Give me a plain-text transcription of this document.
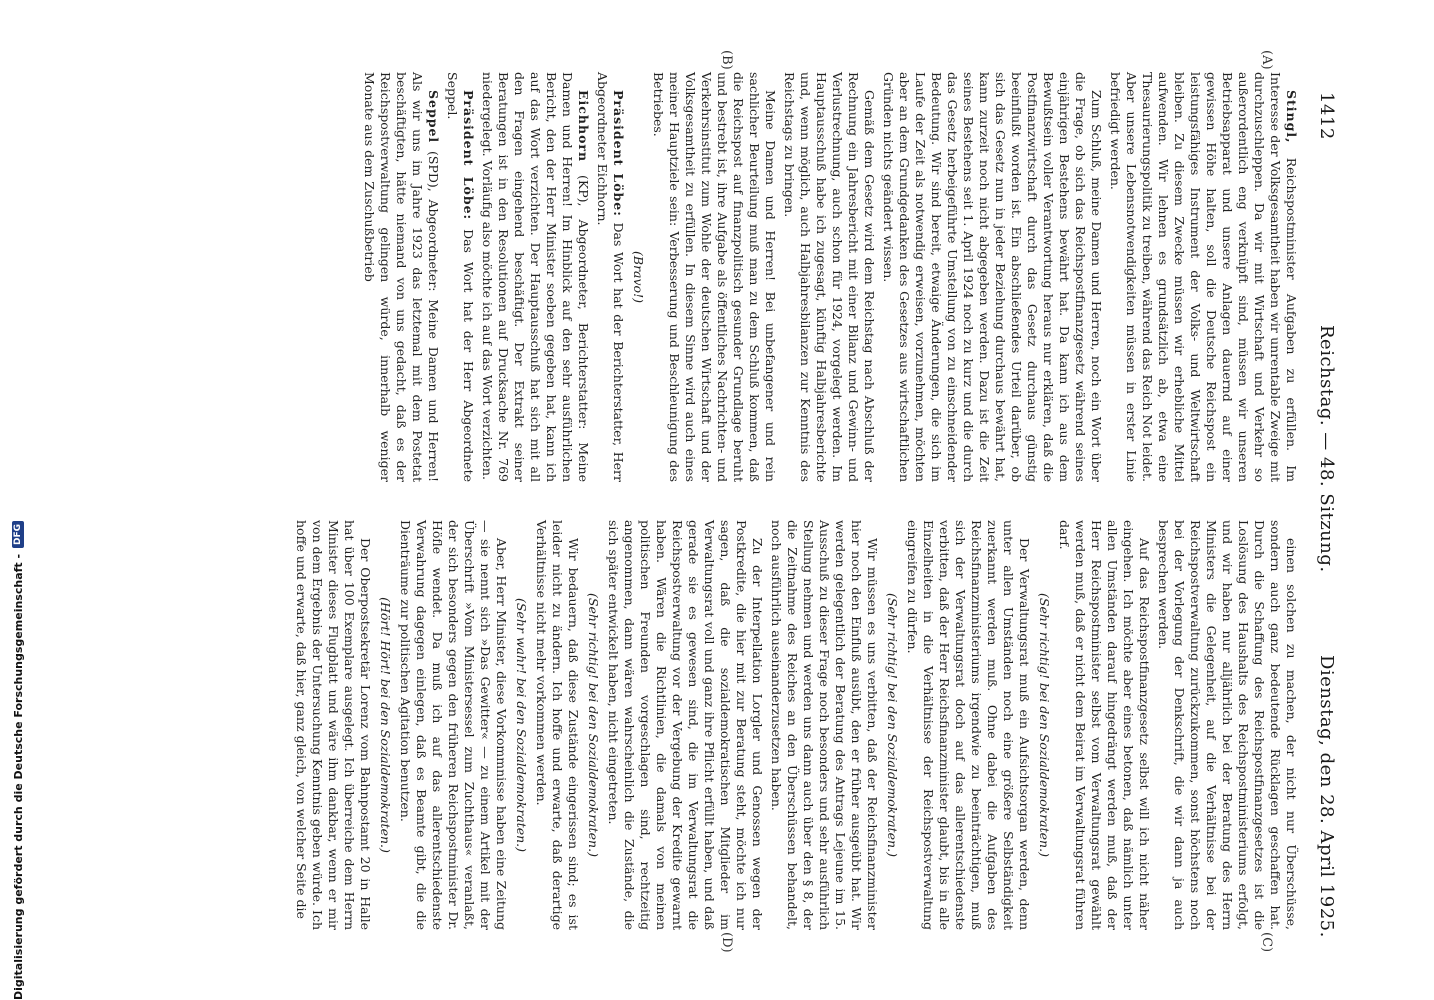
1412
Reichstag. — 48. Sitzung.
Dienstag, den 28. April 1925.
(A)
(B)
(C)
(D)

Stingl, Reichspostminister Aufgaben zu erfüllen. Im Interesse der Volksgesamtheit haben wir unrentable Zweige mit durchzuschleppen. Da wir mit Wirtschaft und Verkehr so außerordentlich eng verknüpft sind, müssen wir unseren Betriebsapparat und unsere Anlagen dauernd auf einer gewissen Höhe halten, soll die Deutsche Reichspost ein leistungsfähiges Instrument der Volks- und Weltwirtschaft bleiben. Zu diesem Zwecke müssen wir erhebliche Mittel aufwenden. Wir lehnen es grundsätzlich ab, etwa eine Thesaurierungspolitik zu treiben, während das Reich Not leidet. Aber unsere Lebensnotwendigkeiten müssen in erster Linie befriedigt werden.

Zum Schluß, meine Damen und Herren, noch ein Wort über die Frage, ob sich das Reichspostfinanzgesetz während seines einjährigen Bestehens bewährt hat. Da kann ich aus dem Bewußtsein voller Verantwortung heraus nur erklären, daß die Postfinanzwirtschaft durch das Gesetz durchaus günstig beeinflußt worden ist. Ein abschließendes Urteil darüber, ob sich das Gesetz nun in jeder Beziehung durchaus bewährt hat, kann zurzeit noch nicht abgegeben werden. Dazu ist die Zeit seines Bestehens seit 1. April 1924 noch zu kurz und die durch das Gesetz herbeigeführte Umstellung von zu einschneidender Bedeutung. Wir sind bereit, etwaige Änderungen, die sich im Laufe der Zeit als notwendig erweisen, vorzunehmen, möchten aber an dem Grundgedanken des Gesetzes aus wirtschaftlichen Gründen nichts geändert wissen.

Gemäß dem Gesetz wird dem Reichstag nach Abschluß der Rechnung ein Jahresbericht mit einer Bilanz und Gewinn- und Verlustrechnung, auch schon für 1924, vorgelegt werden. Im Hauptausschuß habe ich zugesagt, künftig Halbjahresberichte und, wenn möglich, auch Halbjahresbilanzen zur Kenntnis des Reichstags zu bringen.

Meine Damen und Herren! Bei unbefangener und rein sachlicher Beurteilung muß man zu dem Schluß kommen, daß die Reichspost auf finanzpolitisch gesunder Grundlage beruht und bestrebt ist, ihre Aufgabe als öffentliches Nachrichten- und Verkehrsinstitut zum Wohle der deutschen Wirtschaft und der Volksgesamtheit zu erfüllen. In diesem Sinne wird auch eines meiner Hauptziele sein: Verbesserung und Beschleunigung des Betriebes.

(Bravo!)

Präsident Löbe: Das Wort hat der Berichterstatter, Herr Abgeordneter Eichhorn.

Eichhorn (KP), Abgeordneter, Berichterstatter: Meine Damen und Herren! Im Hinblick auf den sehr ausführlichen Bericht, den der Herr Minister soeben gegeben hat, kann ich auf das Wort verzichten. Der Hauptausschuß hat sich mit all den Fragen eingehend beschäftigt. Der Extrakt seiner Beratungen ist in den Resolutionen auf Drucksache Nr. 769 niedergelegt. Vorläufig also möchte ich auf das Wort verzichten.

Präsident Löbe: Das Wort hat der Herr Abgeordnete Seppel.

Seppel (SPD), Abgeordneter: Meine Damen und Herren! Als wir uns im Jahre 1923 das letztemal mit dem Postetat beschäftigten, hätte niemand von uns gedacht, daß es der Reichspostverwaltung gelingen würde, innerhalb weniger Monate aus dem Zuschußbetrieb

einen solchen zu machen, der nicht nur Überschüsse, sondern auch ganz bedeutende Rücklagen geschaffen hat. Durch die Schaffung des Reichspostfinanzgesetzes ist die Loslösung des Haushalts des Reichspostministeriums erfolgt, und wir haben nur alljährlich bei der Beratung des Herrn Ministers die Gelegenheit, auf die Verhältnisse bei der Reichspostverwaltung zurückzukommen, sonst höchstens noch bei der Vorlegung der Denkschrift, die wir dann ja auch besprechen werden.

Auf das Reichspostfinanzgesetz selbst will ich nicht näher eingehen. Ich möchte aber eines betonen, daß nämlich unter allen Umständen darauf hingedrängt werden muß, daß der Herr Reichspostminister selbst vom Verwaltungsrat gewählt werden muß, daß er nicht dem Beirat im Verwaltungsrat führen darf.

(Sehr richtig! bei den Sozialdemokraten.)

Der Verwaltungsrat muß ein Aufsichtsorgan werden, denn unter allen Umständen noch eine größere Selbständigkeit zuerkannt werden muß. Ohne dabei die Aufgaben des Reichsfinanzministeriums irgendwie zu beeinträchtigen, muß sich der Verwaltungsrat doch auf das allerentschiedenste verbitten, daß der Herr Reichsfinanzminister glaubt, bis in alle Einzelheiten in die Verhältnisse der Reichspostverwaltung eingreifen zu dürfen.

(Sehr richtig! bei den Sozialdemokraten.)

Wir müssen es uns verbitten, daß der Reichsfinanzminister hier noch den Einfluß ausübt, den er früher ausgeübt hat. Wir werden gelegentlich der Beratung des Antrags Lejeune im 15. Ausschuß zu dieser Frage noch besonders und sehr ausführlich Stellung nehmen und werden uns dann auch über den § 8, der die Zeitnahme des Reiches an den Überschüssen behandelt, noch ausführlich auseinanderzusetzen haben.

Zu der Interpellation Lorgler und Genossen wegen der Postkredite, die hier mit zur Beratung steht, möchte ich nur sagen, daß die sozialdemokratischen Mitglieder im Verwaltungsrat voll und ganz ihre Pflicht erfüllt haben, und daß gerade sie es gewesen sind, die im Verwaltungsrat die Reichspostverwaltung vor der Vergebung der Kredite gewarnt haben. Wären die Richtlinien, die damals von meinen politischen Freunden vorgeschlagen sind, rechtzeitig angenommen, dann wären wahrscheinlich die Zustände, die sich später entwickelt haben, nicht eingetreten.

(Sehr richtig! bei den Sozialdemokraten.)

Wir bedauern, daß diese Zustände eingerissen sind; es ist leider nicht zu ändern. Ich hoffe und erwarte, daß derartige Verhältnisse nicht mehr vorkommen werden.

(Sehr wahr! bei den Sozialdemokraten.)

Aber, Herr Minister, diese Vorkommnisse haben eine Zeitung — sie nennt sich »Das Gewitter« — zu einem Artikel mit der Überschrift »Vom Ministersessel zum Zuchthaus« veranlaßt, der sich besonders gegen den früheren Reichspostminister Dr. Höfle wendet. Da muß ich auf das allerentschiedenste Verwahrung dagegen einlegen, daß es Beamte gibt, die die Dienträume zur politischen Agitation benutzen.

(Hört! Hört! bei den Sozialdemokraten.)

Der Oberpostsekretär Lorenz vom Bahnpostamt 20 in Halle hat über 100 Exemplare ausgelegt. Ich überreiche dem Herrn Minister dieses Flugblatt und wäre ihm dankbar, wenn er mir von dem Ergebnis der Untersuchung Kenntnis geben würde. Ich hoffe und erwarte, daß hier, ganz gleich, von welcher Seite die

Digitalisierung gefördert durch die Deutsche Forschungsgemeinschaft -
DFG
